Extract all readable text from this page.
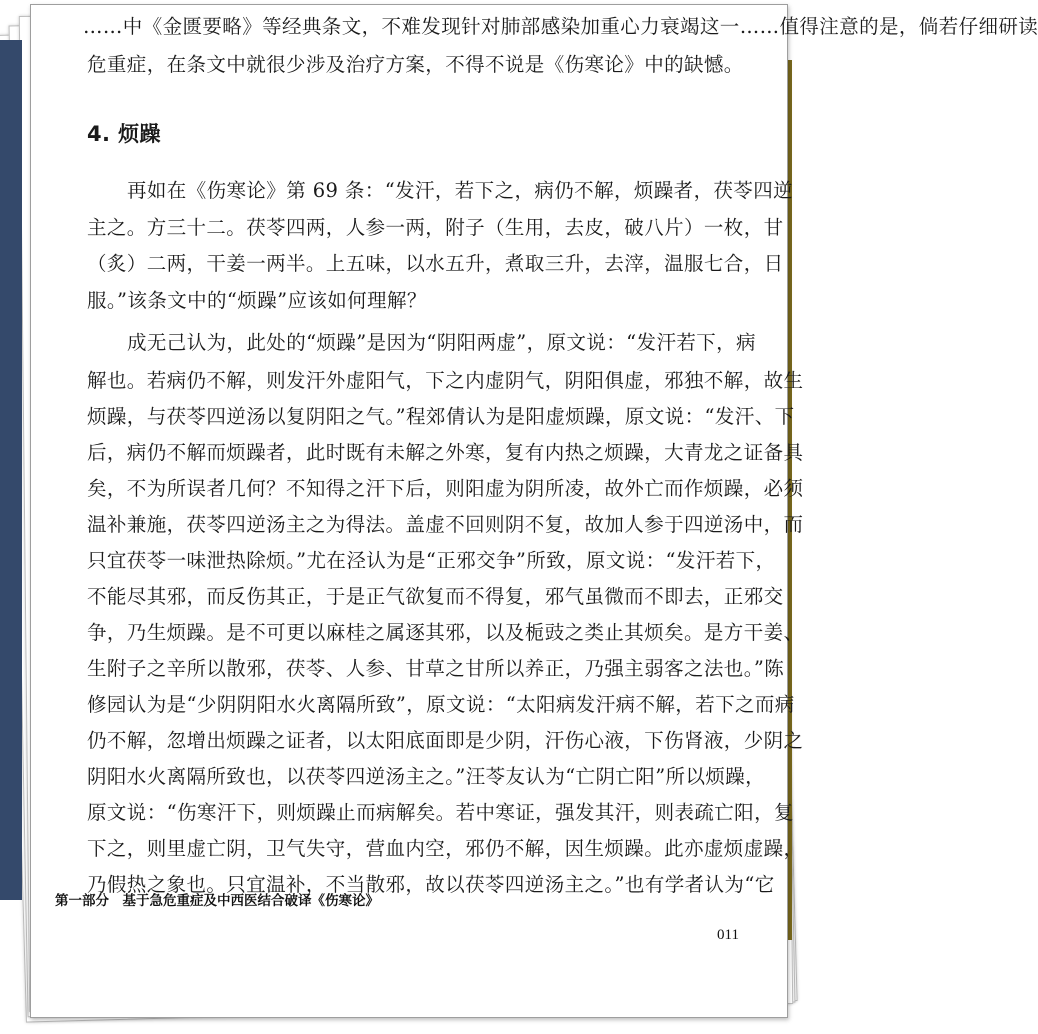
……中《金匮要略》等经典条文，不难发现针对肺部感染加重心力衰竭这一……值得注意的是，倘若仔细研读
危重症，在条文中就很少涉及治疗方案，不得不说是《伤寒论》中的缺憾。
4. 烦躁
再如在《伤寒论》第 69 条：“发汗，若下之，病仍不解，烦躁者，茯苓四逆
主之。方三十二。茯苓四两，人参一两，附子（生用，去皮，破八片）一枚，甘
（炙）二两，干姜一两半。上五味，以水五升，煮取三升，去滓，温服七合，日
服。”该条文中的“烦躁”应该如何理解？
成无己认为，此处的“烦躁”是因为“阴阳两虚”，原文说：“发汗若下，病
解也。若病仍不解，则发汗外虚阳气，下之内虚阴气，阴阳俱虚，邪独不解，故生
烦躁，与茯苓四逆汤以复阴阳之气。”程郊倩认为是阳虚烦躁，原文说：“发汗、下
后，病仍不解而烦躁者，此时既有未解之外寒，复有内热之烦躁，大青龙之证备具
矣，不为所误者几何？不知得之汗下后，则阳虚为阴所凌，故外亡而作烦躁，必须
温补兼施，茯苓四逆汤主之为得法。盖虚不回则阴不复，故加人参于四逆汤中，而
只宜茯苓一味泄热除烦。”尤在泾认为是“正邪交争”所致，原文说：“发汗若下，
不能尽其邪，而反伤其正，于是正气欲复而不得复，邪气虽微而不即去，正邪交
争，乃生烦躁。是不可更以麻桂之属逐其邪，以及栀豉之类止其烦矣。是方干姜、
生附子之辛所以散邪，茯苓、人参、甘草之甘所以养正，乃强主弱客之法也。”陈
修园认为是“少阴阴阳水火离隔所致”，原文说：“太阳病发汗病不解，若下之而病
仍不解，忽增出烦躁之证者，以太阳底面即是少阴，汗伤心液，下伤肾液，少阴之
阴阳水火离隔所致也，以茯苓四逆汤主之。”汪苓友认为“亡阴亡阳”所以烦躁，
原文说：“伤寒汗下，则烦躁止而病解矣。若中寒证，强发其汗，则表疏亡阳，复
下之，则里虚亡阴，卫气失守，营血内空，邪仍不解，因生烦躁。此亦虚烦虚躁，
乃假热之象也。只宜温补，不当散邪，故以茯苓四逆汤主之。”也有学者认为“它
第一部分　基于急危重症及中西医结合破译《伤寒论》
011
